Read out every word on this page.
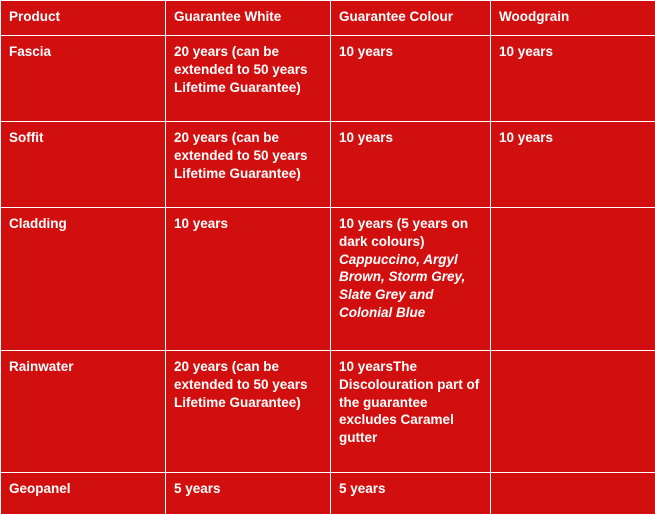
Product	Guarantee White	Guarantee Colour	Woodgrain
Fascia	20 years (can be extended to 50 years Lifetime Guarantee)	10 years	10 years
Soffit	20 years (can be extended to 50 years Lifetime Guarantee)	10 years	10 years
Cladding	10 years	10 years (5 years on dark colours)
Cappuccino, Argyl Brown, Storm Grey, Slate Grey and Colonial Blue	

Rainwater	20 years (can be extended to 50 years Lifetime Guarantee)	10 yearsThe Discolouration part of the guarantee excludes Caramel gutter	

Geopanel	5 years	5 years	
